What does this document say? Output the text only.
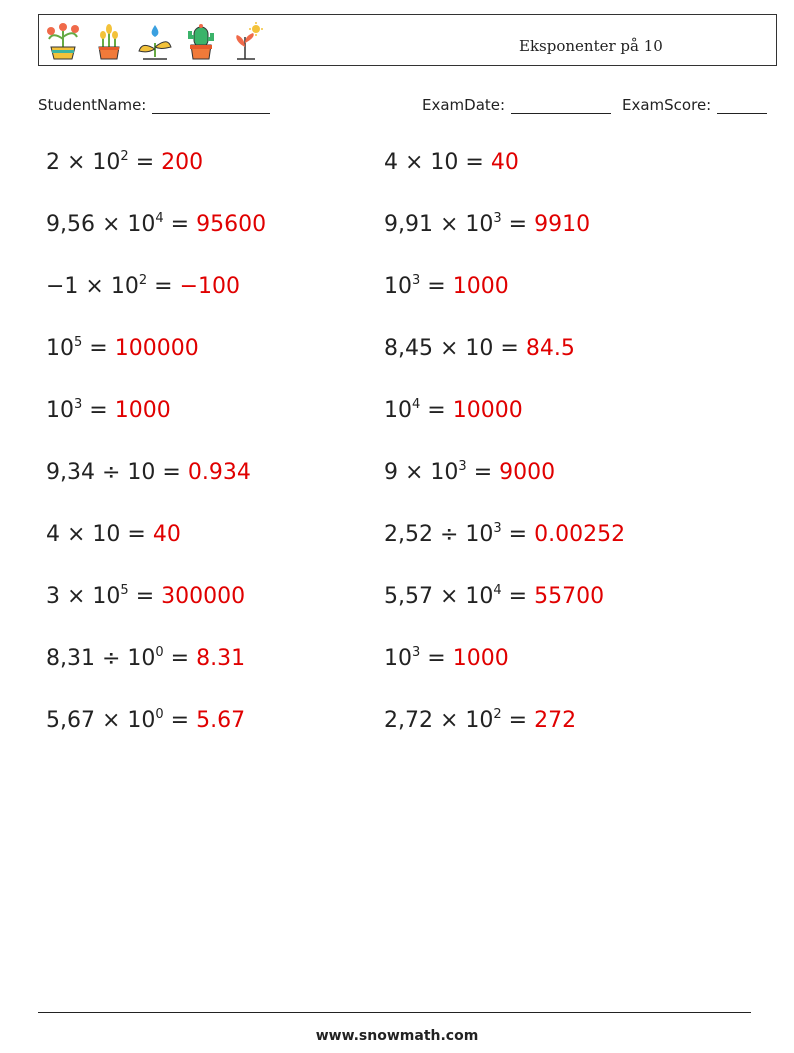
Eksponenter på 10
StudentName:	ExamDate:	ExamScore:
$2 \times 10^2 = 200$
$9,56 \times 10^4 = 95600$
$-1 \times 10^2 = -100$
$10^5 = 100000$
$10^3 = 1000$
9,34 ÷ 10 = 0.934
4 × 10 = 40
$3 \times 10^5 = 300000$
$8,31 \div 10^0 = 8.31$
$5,67 \times 10^0 = 5.67$
4 × 10 = 40
$9,91 \times 10^3 = 9910$
$10^3 = 1000$
8,45 × 10 = 84.5
$10^4 = 10000$
$9 \times 10^3 = 9000$
$2,52 \div 10^3 = 0.00252$
$5,57 \times 10^4 = 55700$
$10^3 = 1000$
$2,72 \times 10^2 = 272$
www.snowmath.com
